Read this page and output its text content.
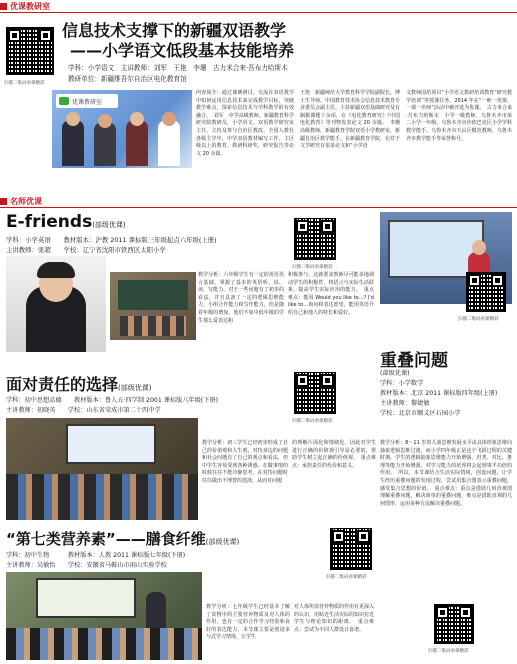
优课教研室
扫描二维码看课精彩
信息技术支撑下的新疆双语教学
——小学语文低段基本技能培养
学科：小学语文　主讲教师：刘军　王艳　李珊　古力米合来·吾布力哈斯木
教研单位：新疆维吾尔自治区电化教育馆
优课教研室
内容简介：通过课例研讨，交流在双语教学中如何运用信息技术来完成教学目标，突破教学难点，探索信息技术与学科教学的有效融合。　刘军　中学高级教师，新疆教育科学研究院教研员，小学语文、双语教学研究室主任。主持及参与自治区教改、全国人教社各级主学中，中学双语教材编写工作。主区级以上的教育、教研科研奖，研究报告等论文 20 余篇。
王艳　新疆师范大学教育科学学院副院长，博士生导师。中国教育技术协会信息技术教育专业委员会副主任。主持新疆双语基础研究及有制据课题十余项，在《电化教育研究》《中国电化教育》等刊物发表论文 20 余篇。　李珊　高级教师，新疆教育学院双语小学教研室，新疆自治区教学能手。在新疆教育学院，在对于文学研究有很多论文和“小学语
文教师国培项目”小学语文教研培训教育“研究教学培训”等授课任务，2014 年在“一师一优课，一课一名师”活动中被评选为优课。　古力米合来·吾布力哈斯木　小学一级教师，乌鲁木齐市第二小学一年级，乌鲁木齐市沙依巴克区小学学科教学能手，乌鲁木齐市天山区模范教师，乌鲁木齐市教学能手等荣誉称号。
名师优课
E-friends(部级优课)
学科：小学英语　　教材版本：沪教 2011 课标版三年级起点六年级(上册)
主讲教师：张超　　学校：辽宁省沈阳市铁西区太阳小学
扫描二维码看课精彩
教学分析：六年级学生有一定的英语语言基础，掌握了基本的英语听、说、读、写能力，对于一些问题有了初步的看法，并且具备了一定的逻辑思维能力，小组合作能力和写作能力，但是随着年级的增加，他们不如中低年级的学生那么爱表达和
积极参与，这就要求教师尽可能多地调动学生的积极性，将语言与实际生活联系，提高学生实际应用的能力。　重点难点：能用 Would you like to…? I'd like to…询问和表达愿望，能用英语介绍自己和他人的特长和爱好。
扫描二维码看课精彩
重叠问题
(部级优课)
学科：小学数学
教材版本：北京 2011 课标版四年级(上册)
主讲教师：黎婕敏
学校：北京市顺义区石园小学
教学分析：8～11 岁的儿童思维发展水平由具体形象思维向抽象逻辑思维过渡，而小学四年级正是这个飞跃过程的关键时期。学生的逻辑抽象思维能力开始增强，归类、对比、推理等能力开始增强，对学习能力的培养将会起到事半功倍的作用。　所以，本节课结合生活实际情境，创设问题，让学生经历重叠问题的发现过程，尝试用集合图表示重叠问题，感受集合思想的价值。　重点难点：重点是借助几何直观图理解重叠问题，解决简单的重叠问题，难点是借助直观的几何图形，运用多种方法解决重叠问题。
扫描二维码看课精彩
面对责任的选择(部级优课)
学科：初中思想品德　　教材版本：鲁人五·四学制 2001 课标版八年级(下册)
主讲教师：初晓英　　学校：山东省荣成市第二十四中学
扫描二维码看课精彩
教学分析：初三学生已经初步形成了自己的价值观和人生观，对待身边的问题和社会问题有了自己的观点和看法，但中学生容易受到各种诱惑，在做事情的时候往往不能冷静思考，在对待问题时往往做出不理智的选择，从而对问题
的理解片面化和情绪化。因此对学生进行正确的价值观引导是必要的，帮助学生树立起正确的价值观。　重点难点：承担责任的代价和意义。
“第七类营养素”——膳食纤维(部级优课)
学科：初中生物　　　教材版本：人教 2011 课标版七年级(下册)
主讲教师：吴敏怡　　学校：安徽省马鞍山市雨山实验学校
扫描二维码看课精彩
教学分析：七年级学生已经基本了解了食物中的主要营养物质及对人体的作用，也有一定的合作学习经验和良好的表达能力，本节课主要是创设多与式学习情境，让学生
对人体所需营养物质的作用有更深入的认识，用贴近生活实际的知识拉近学生与理论知识的距离。　重点难点：尝试为不同人群设计食谱。
